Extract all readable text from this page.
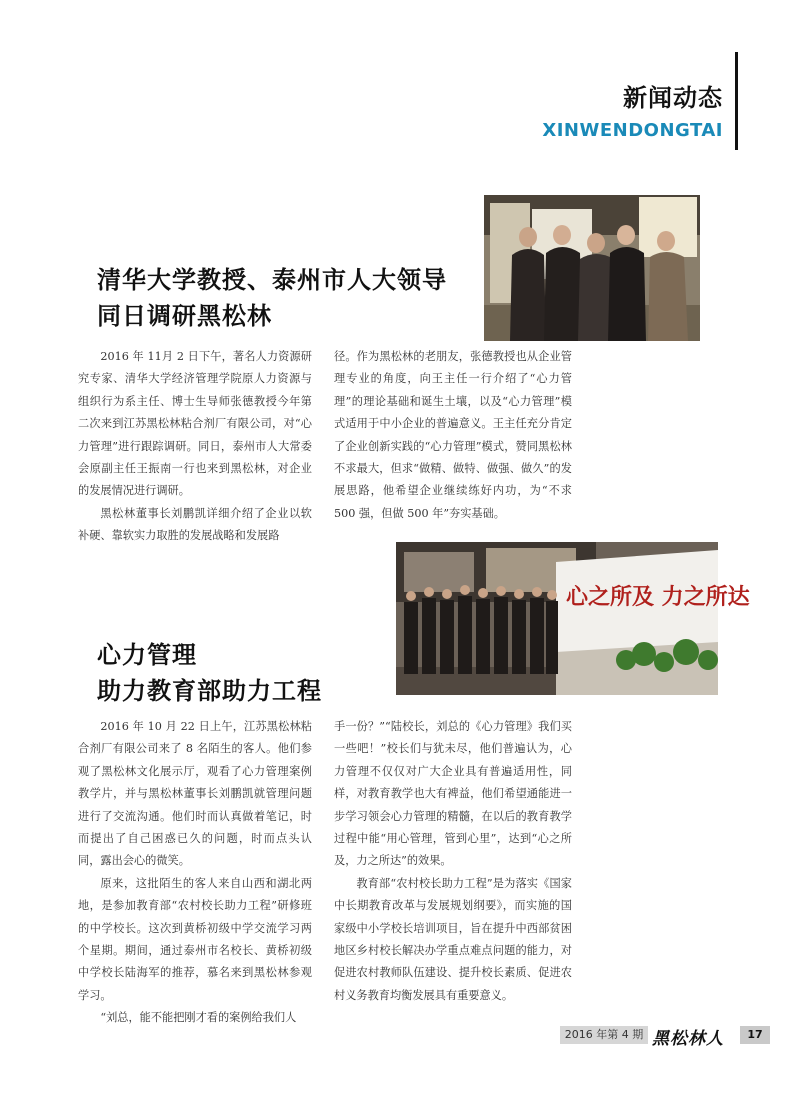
新闻动态
XINWENDONGTAI
清华大学教授、泰州市人大领导
同日调研黑松林

2016 年 11月 2 日下午，著名人力资源研究专家、清华大学经济管理学院原人力资源与组织行为系主任、博士生导师张德教授今年第二次来到江苏黑松林粘合剂厂有限公司，对“心力管理”进行跟踪调研。同日，泰州市人大常委会原副主任王振南一行也来到黑松林，对企业的发展情况进行调研。

黑松林董事长刘鹏凯详细介绍了企业以软补硬、靠软实力取胜的发展战略和发展路

径。作为黑松林的老朋友，张德教授也从企业管理专业的角度，向王主任一行介绍了“心力管理”的理论基础和诞生土壤，以及“心力管理”模式适用于中小企业的普遍意义。王主任充分肯定了企业创新实践的“心力管理”模式，赞同黑松林不求最大，但求“做精、做特、做强、做久”的发展思路，他希望企业继续练好内功，为“不求 500 强，但做 500 年”夯实基础。

心之所及 力之所达
心力管理
助力教育部助力工程

2016 年 10 月 22 日上午，江苏黑松林粘合剂厂有限公司来了 8 名陌生的客人。他们参观了黑松林文化展示厅，观看了心力管理案例教学片，并与黑松林董事长刘鹏凯就管理问题进行了交流沟通。他们时而认真做着笔记，时而提出了自己困惑已久的问题，时而点头认同，露出会心的微笑。

原来，这批陌生的客人来自山西和湖北两地，是参加教育部“农村校长助力工程”研修班的中学校长。这次到黄桥初级中学交流学习两个星期。期间，通过泰州市名校长、黄桥初级中学校长陆海军的推荐，慕名来到黑松林参观学习。

“刘总，能不能把刚才看的案例给我们人

手一份？”“陆校长，刘总的《心力管理》我们买一些吧！”校长们与犹未尽，他们普遍认为，心力管理不仅仅对广大企业具有普遍适用性，同样，对教育教学也大有裨益，他们希望通能进一步学习领会心力管理的精髓，在以后的教育教学过程中能“用心管理，管到心里”，达到“心之所及，力之所达”的效果。

教育部“农村校长助力工程”是为落实《国家中长期教育改革与发展规划纲要》，而实施的国家级中小学校长培训项目，旨在提升中西部贫困地区乡村校长解决办学重点难点问题的能力，对促进农村教师队伍建设、提升校长素质、促进农村义务教育均衡发展具有重要意义。

2016 年第 4 期 黑松林人	17
